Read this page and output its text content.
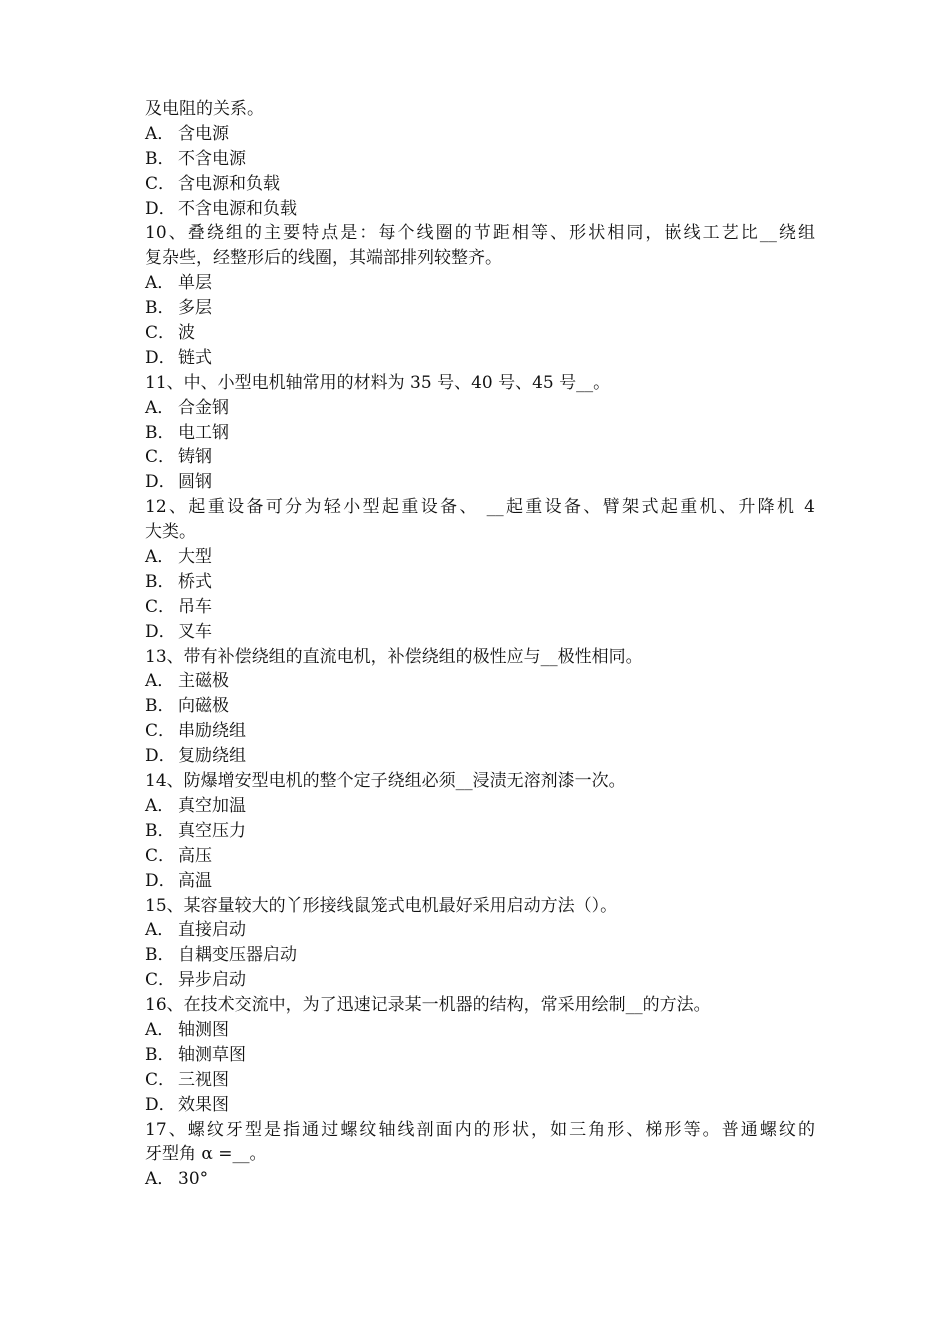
及电阻的关系。
A． 含电源
B． 不含电源
C． 含电源和负载
D． 不含电源和负载
10、叠绕组的主要特点是：每个线圈的节距相等、形状相同，嵌线工艺比__绕组
复杂些，经整形后的线圈，其端部排列较整齐。
A． 单层
B． 多层
C． 波
D． 链式
11、中、小型电机轴常用的材料为 35 号、40 号、45 号__。
A． 合金钢
B． 电工钢
C． 铸钢
D． 圆钢
12、起重设备可分为轻小型起重设备、 __起重设备、臂架式起重机、升降机 4
大类。
A． 大型
B． 桥式
C． 吊车
D． 叉车
13、带有补偿绕组的直流电机，补偿绕组的极性应与__极性相同。
A． 主磁极
B． 向磁极
C． 串励绕组
D． 复励绕组
14、防爆增安型电机的整个定子绕组必须__浸渍无溶剂漆一次。
A． 真空加温
B． 真空压力
C． 高压
D． 高温
15、某容量较大的丫形接线鼠笼式电机最好采用启动方法（）。
A． 直接启动
B． 自耦变压器启动
C． 异步启动
16、在技术交流中，为了迅速记录某一机器的结构，常采用绘制__的方法。
A． 轴测图
B． 轴测草图
C． 三视图
D． 效果图
17、螺纹牙型是指通过螺纹轴线剖面内的形状，如三角形、梯形等。普通螺纹的
牙型角 α =__。
A． 30°
